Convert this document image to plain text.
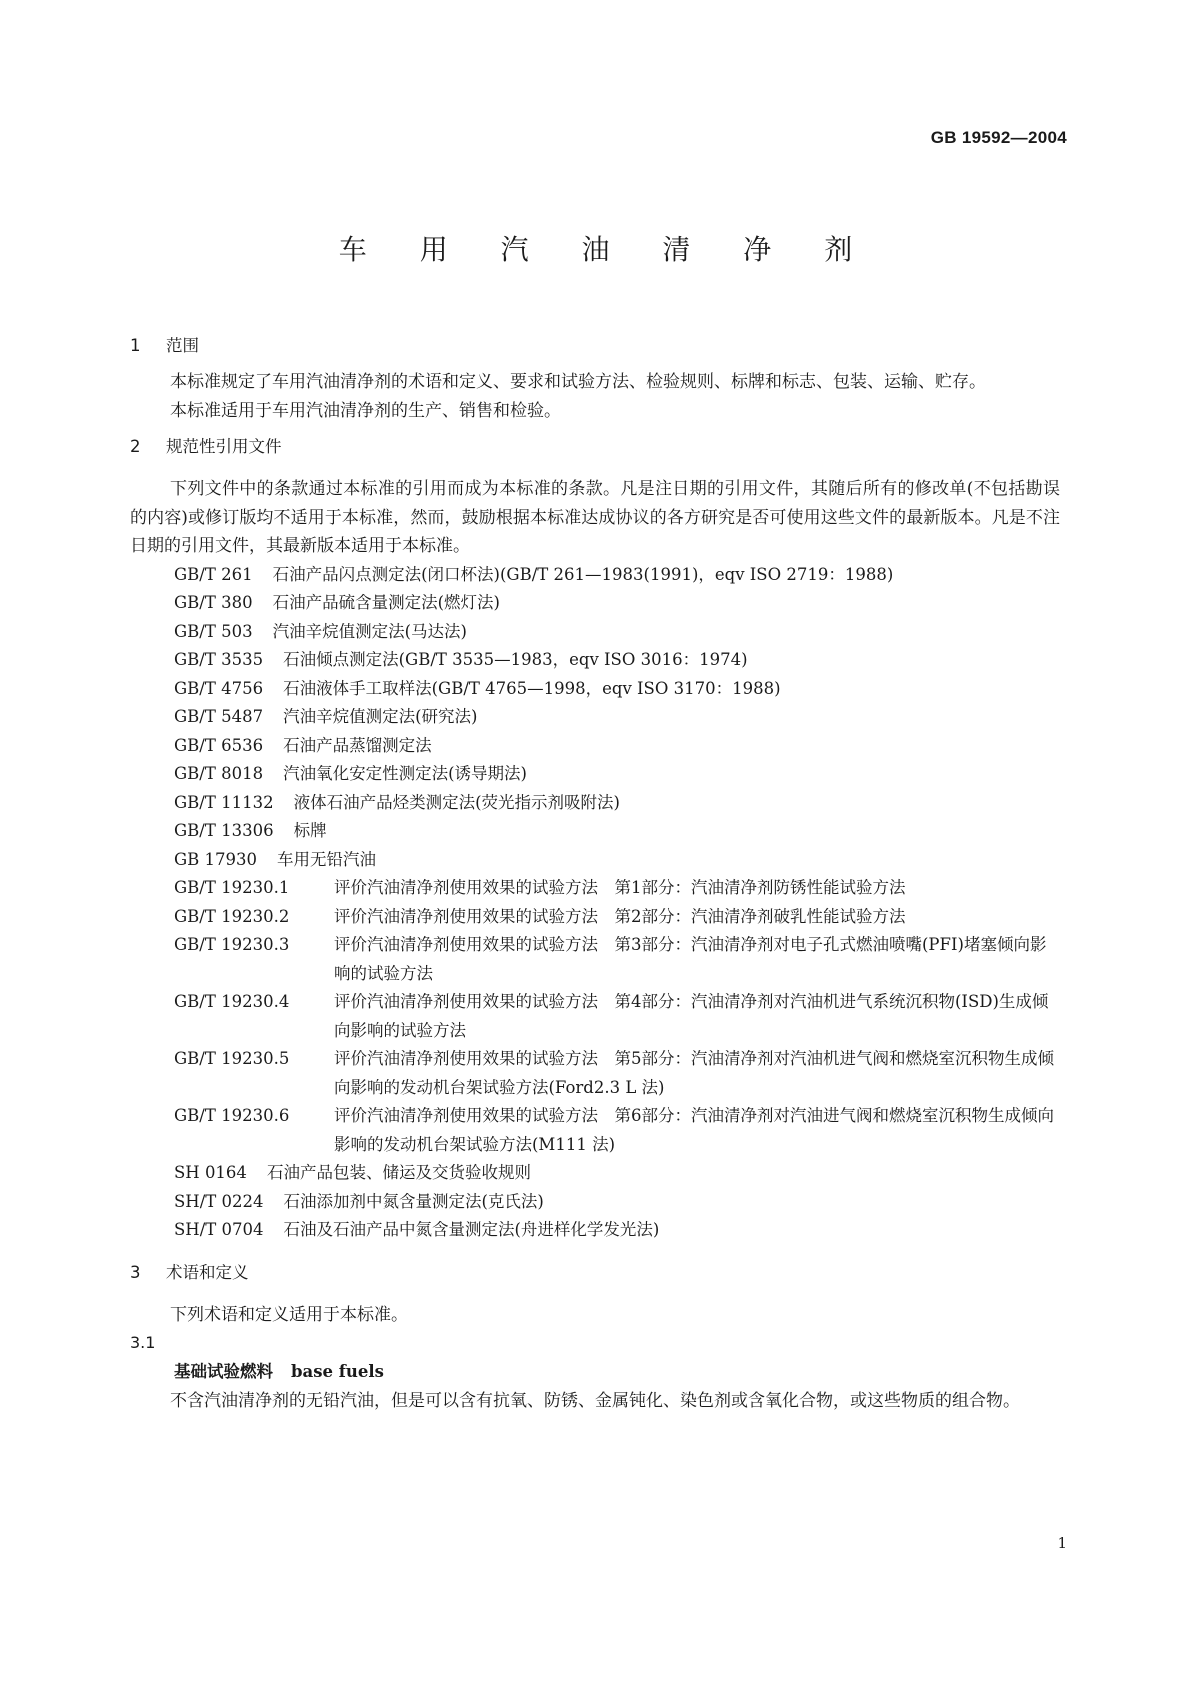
GB 19592—2004
车 用 汽 油 清 净 剂
1 范围

本标准规定了车用汽油清净剂的术语和定义、要求和试验方法、检验规则、标牌和标志、包装、运输、贮存。

本标准适用于车用汽油清净剂的生产、销售和检验。

2 规范性引用文件

下列文件中的条款通过本标准的引用而成为本标准的条款。凡是注日期的引用文件，其随后所有的修改单(不包括勘误的内容)或修订版均不适用于本标准，然而，鼓励根据本标准达成协议的各方研究是否可使用这些文件的最新版本。凡是不注日期的引用文件，其最新版本适用于本标准。

GB/T 261 石油产品闪点测定法(闭口杯法)(GB/T 261—1983(1991)，eqv ISO 2719：1988)
GB/T 380 石油产品硫含量测定法(燃灯法)
GB/T 503 汽油辛烷值测定法(马达法)
GB/T 3535 石油倾点测定法(GB/T 3535—1983，eqv ISO 3016：1974)
GB/T 4756 石油液体手工取样法(GB/T 4765—1998，eqv ISO 3170：1988)
GB/T 5487 汽油辛烷值测定法(研究法)
GB/T 6536 石油产品蒸馏测定法
GB/T 8018 汽油氧化安定性测定法(诱导期法)
GB/T 11132 液体石油产品烃类测定法(荧光指示剂吸附法)
GB/T 13306 标牌
GB 17930 车用无铅汽油
GB/T 19230.1	评价汽油清净剂使用效果的试验方法　第1部分：汽油清净剂防锈性能试验方法
GB/T 19230.2	评价汽油清净剂使用效果的试验方法　第2部分：汽油清净剂破乳性能试验方法
GB/T 19230.3	评价汽油清净剂使用效果的试验方法　第3部分：汽油清净剂对电子孔式燃油喷嘴(PFI)堵塞倾向影响的试验方法
GB/T 19230.4	评价汽油清净剂使用效果的试验方法　第4部分：汽油清净剂对汽油机进气系统沉积物(ISD)生成倾向影响的试验方法
GB/T 19230.5	评价汽油清净剂使用效果的试验方法　第5部分：汽油清净剂对汽油机进气阀和燃烧室沉积物生成倾向影响的发动机台架试验方法(Ford2.3 L 法)
GB/T 19230.6	评价汽油清净剂使用效果的试验方法　第6部分：汽油清净剂对汽油进气阀和燃烧室沉积物生成倾向影响的发动机台架试验方法(M111 法)
SH 0164 石油产品包装、储运及交货验收规则
SH/T 0224 石油添加剂中氮含量测定法(克氏法)
SH/T 0704 石油及石油产品中氮含量测定法(舟进样化学发光法)
3 术语和定义

下列术语和定义适用于本标准。

3.1
基础试验燃料 base fuels

不含汽油清净剂的无铅汽油，但是可以含有抗氧、防锈、金属钝化、染色剂或含氧化合物，或这些物质的组合物。

1
